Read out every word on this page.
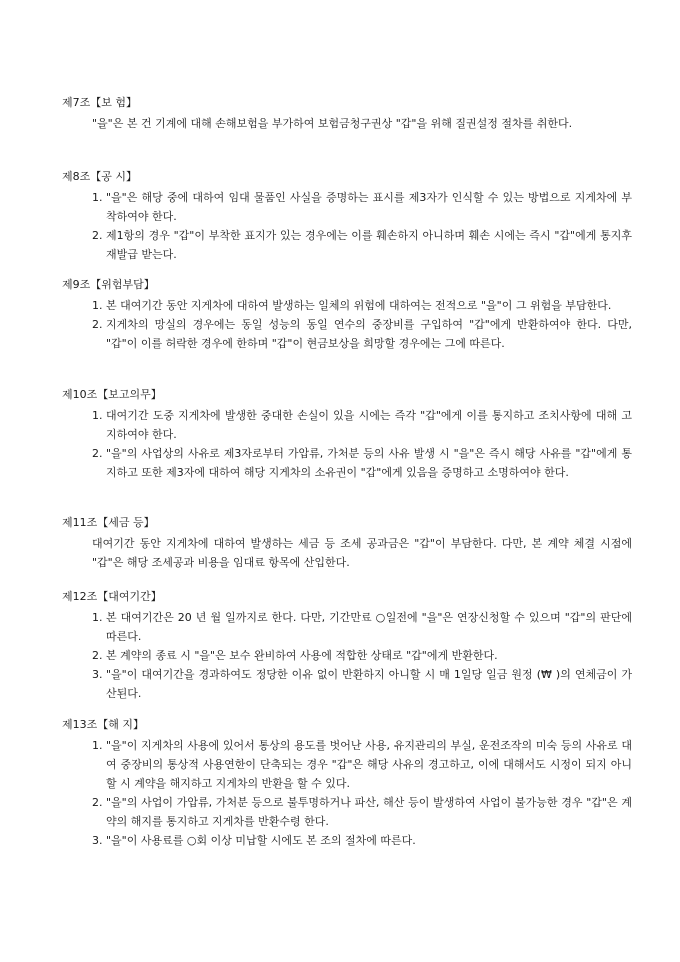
제7조【보 험】
"을"은 본 건 기계에 대해 손해보험을 부가하여 보험금청구권상 "갑"을 위해 질권설정 절차를 취한다.
제8조【공 시】
1. "을"은 해당 중에 대하여 임대 물품인 사실을 증명하는 표시를 제3자가 인식할 수 있는 방법으로 지게차에 부착하여야 한다.
2. 제1항의 경우 "갑"이 부착한 표지가 있는 경우에는 이를 훼손하지 아니하며 훼손 시에는 즉시 "갑"에게 통지후 재발급 받는다.
제9조【위험부담】
1. 본 대여기간 동안 지게차에 대하여 발생하는 일체의 위험에 대하여는 전적으로 "을"이 그 위험을 부담한다.
2. 지게차의 망실의 경우에는 동일 성능의 동일 연수의 중장비를 구입하여 "갑"에게 반환하여야 한다. 다만, "갑"이 이를 허락한 경우에 한하며 "갑"이 현금보상을 희망할 경우에는 그에 따른다.
제10조【보고의무】
1. 대여기간 도중 지게차에 발생한 중대한 손실이 있을 시에는 즉각 "갑"에게 이를 통지하고 조치사항에 대해 고지하여야 한다.
2. "을"의 사업상의 사유로 제3자로부터 가압류, 가처분 등의 사유 발생 시 "을"은 즉시 해당 사유를 "갑"에게 통지하고 또한 제3자에 대하여 해당 지게차의 소유권이 "갑"에게 있음을 증명하고 소명하여야 한다.
제11조【세금 등】
대여기간 동안 지게차에 대하여 발생하는 세금 등 조세 공과금은 "갑"이 부담한다. 다만, 본 계약 체결 시점에 "갑"은 해당 조세공과 비용을 임대료 항목에 산입한다.
제12조【대여기간】
1. 본 대여기간은 20 년 월 일까지로 한다. 다만, 기간만료 ○일전에 "을"은 연장신청할 수 있으며 "갑"의 판단에 따른다.
2. 본 계약의 종료 시 "을"은 보수 완비하여 사용에 적합한 상태로 "갑"에게 반환한다.
3. "을"이 대여기간을 경과하여도 정당한 이유 없이 반환하지 아니할 시 매 1일당 일금 원정 (₩ )의 연체금이 가산된다.
제13조【해 지】
1. "을"이 지게차의 사용에 있어서 통상의 용도를 벗어난 사용, 유지관리의 부실, 운전조작의 미숙 등의 사유로 대여 중장비의 통상적 사용연한이 단축되는 경우 "갑"은 해당 사유의 경고하고, 이에 대해서도 시정이 되지 아니할 시 계약을 해지하고 지게차의 반환을 할 수 있다.
2. "을"의 사업이 가압류, 가처분 등으로 불투명하거나 파산, 해산 등이 발생하여 사업이 불가능한 경우 "갑"은 계약의 해지를 통지하고 지게차를 반환수령 한다.
3. "을"이 사용료를 ○회 이상 미납할 시에도 본 조의 절차에 따른다.
